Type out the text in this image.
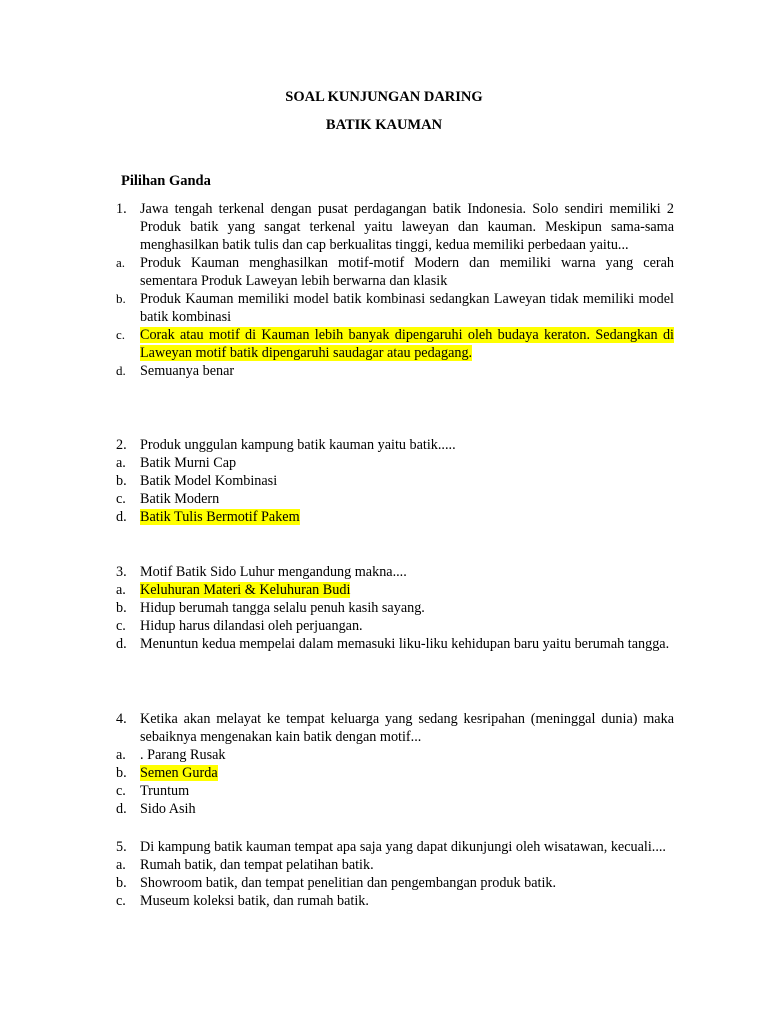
SOAL KUNJUNGAN DARING
BATIK KAUMAN
Pilihan Ganda
1. Jawa tengah terkenal dengan pusat perdagangan batik Indonesia. Solo sendiri memiliki 2 Produk batik yang sangat terkenal yaitu laweyan dan kauman. Meskipun sama-sama menghasilkan batik tulis dan cap berkualitas tinggi, kedua memiliki perbedaan yaitu...
a.	Produk Kauman menghasilkan motif-motif Modern dan memiliki warna yang cerah sementara Produk Laweyan lebih berwarna dan klasik
b.	Produk Kauman memiliki model batik kombinasi sedangkan Laweyan tidak memiliki model batik kombinasi
c.	Corak atau motif di Kauman lebih banyak dipengaruhi oleh budaya keraton. Sedangkan di Laweyan motif batik dipengaruhi saudagar atau pedagang.
d.	Semuanya benar
2. Produk unggulan kampung batik kauman yaitu batik.....
a. Batik Murni Cap
b. Batik Model Kombinasi
c. Batik Modern
d. Batik Tulis Bermotif Pakem
3. Motif Batik Sido Luhur mengandung makna....
a. Keluhuran Materi & Keluhuran Budi
b. Hidup berumah tangga selalu penuh kasih sayang.
c. Hidup harus dilandasi oleh perjuangan.
d. Menuntun kedua mempelai dalam memasuki liku-liku kehidupan baru yaitu berumah tangga.
4. Ketika akan melayat ke tempat keluarga yang sedang kesripahan (meninggal dunia) maka sebaiknya mengenakan kain batik dengan motif...
a. . Parang Rusak
b. Semen Gurda
c. Truntum
d. Sido Asih
5. Di kampung batik kauman tempat apa saja yang dapat dikunjungi oleh wisatawan, kecuali....
a. Rumah batik, dan tempat pelatihan batik.
b. Showroom batik, dan tempat penelitian dan pengembangan produk batik.
c. Museum koleksi batik, dan rumah batik.
